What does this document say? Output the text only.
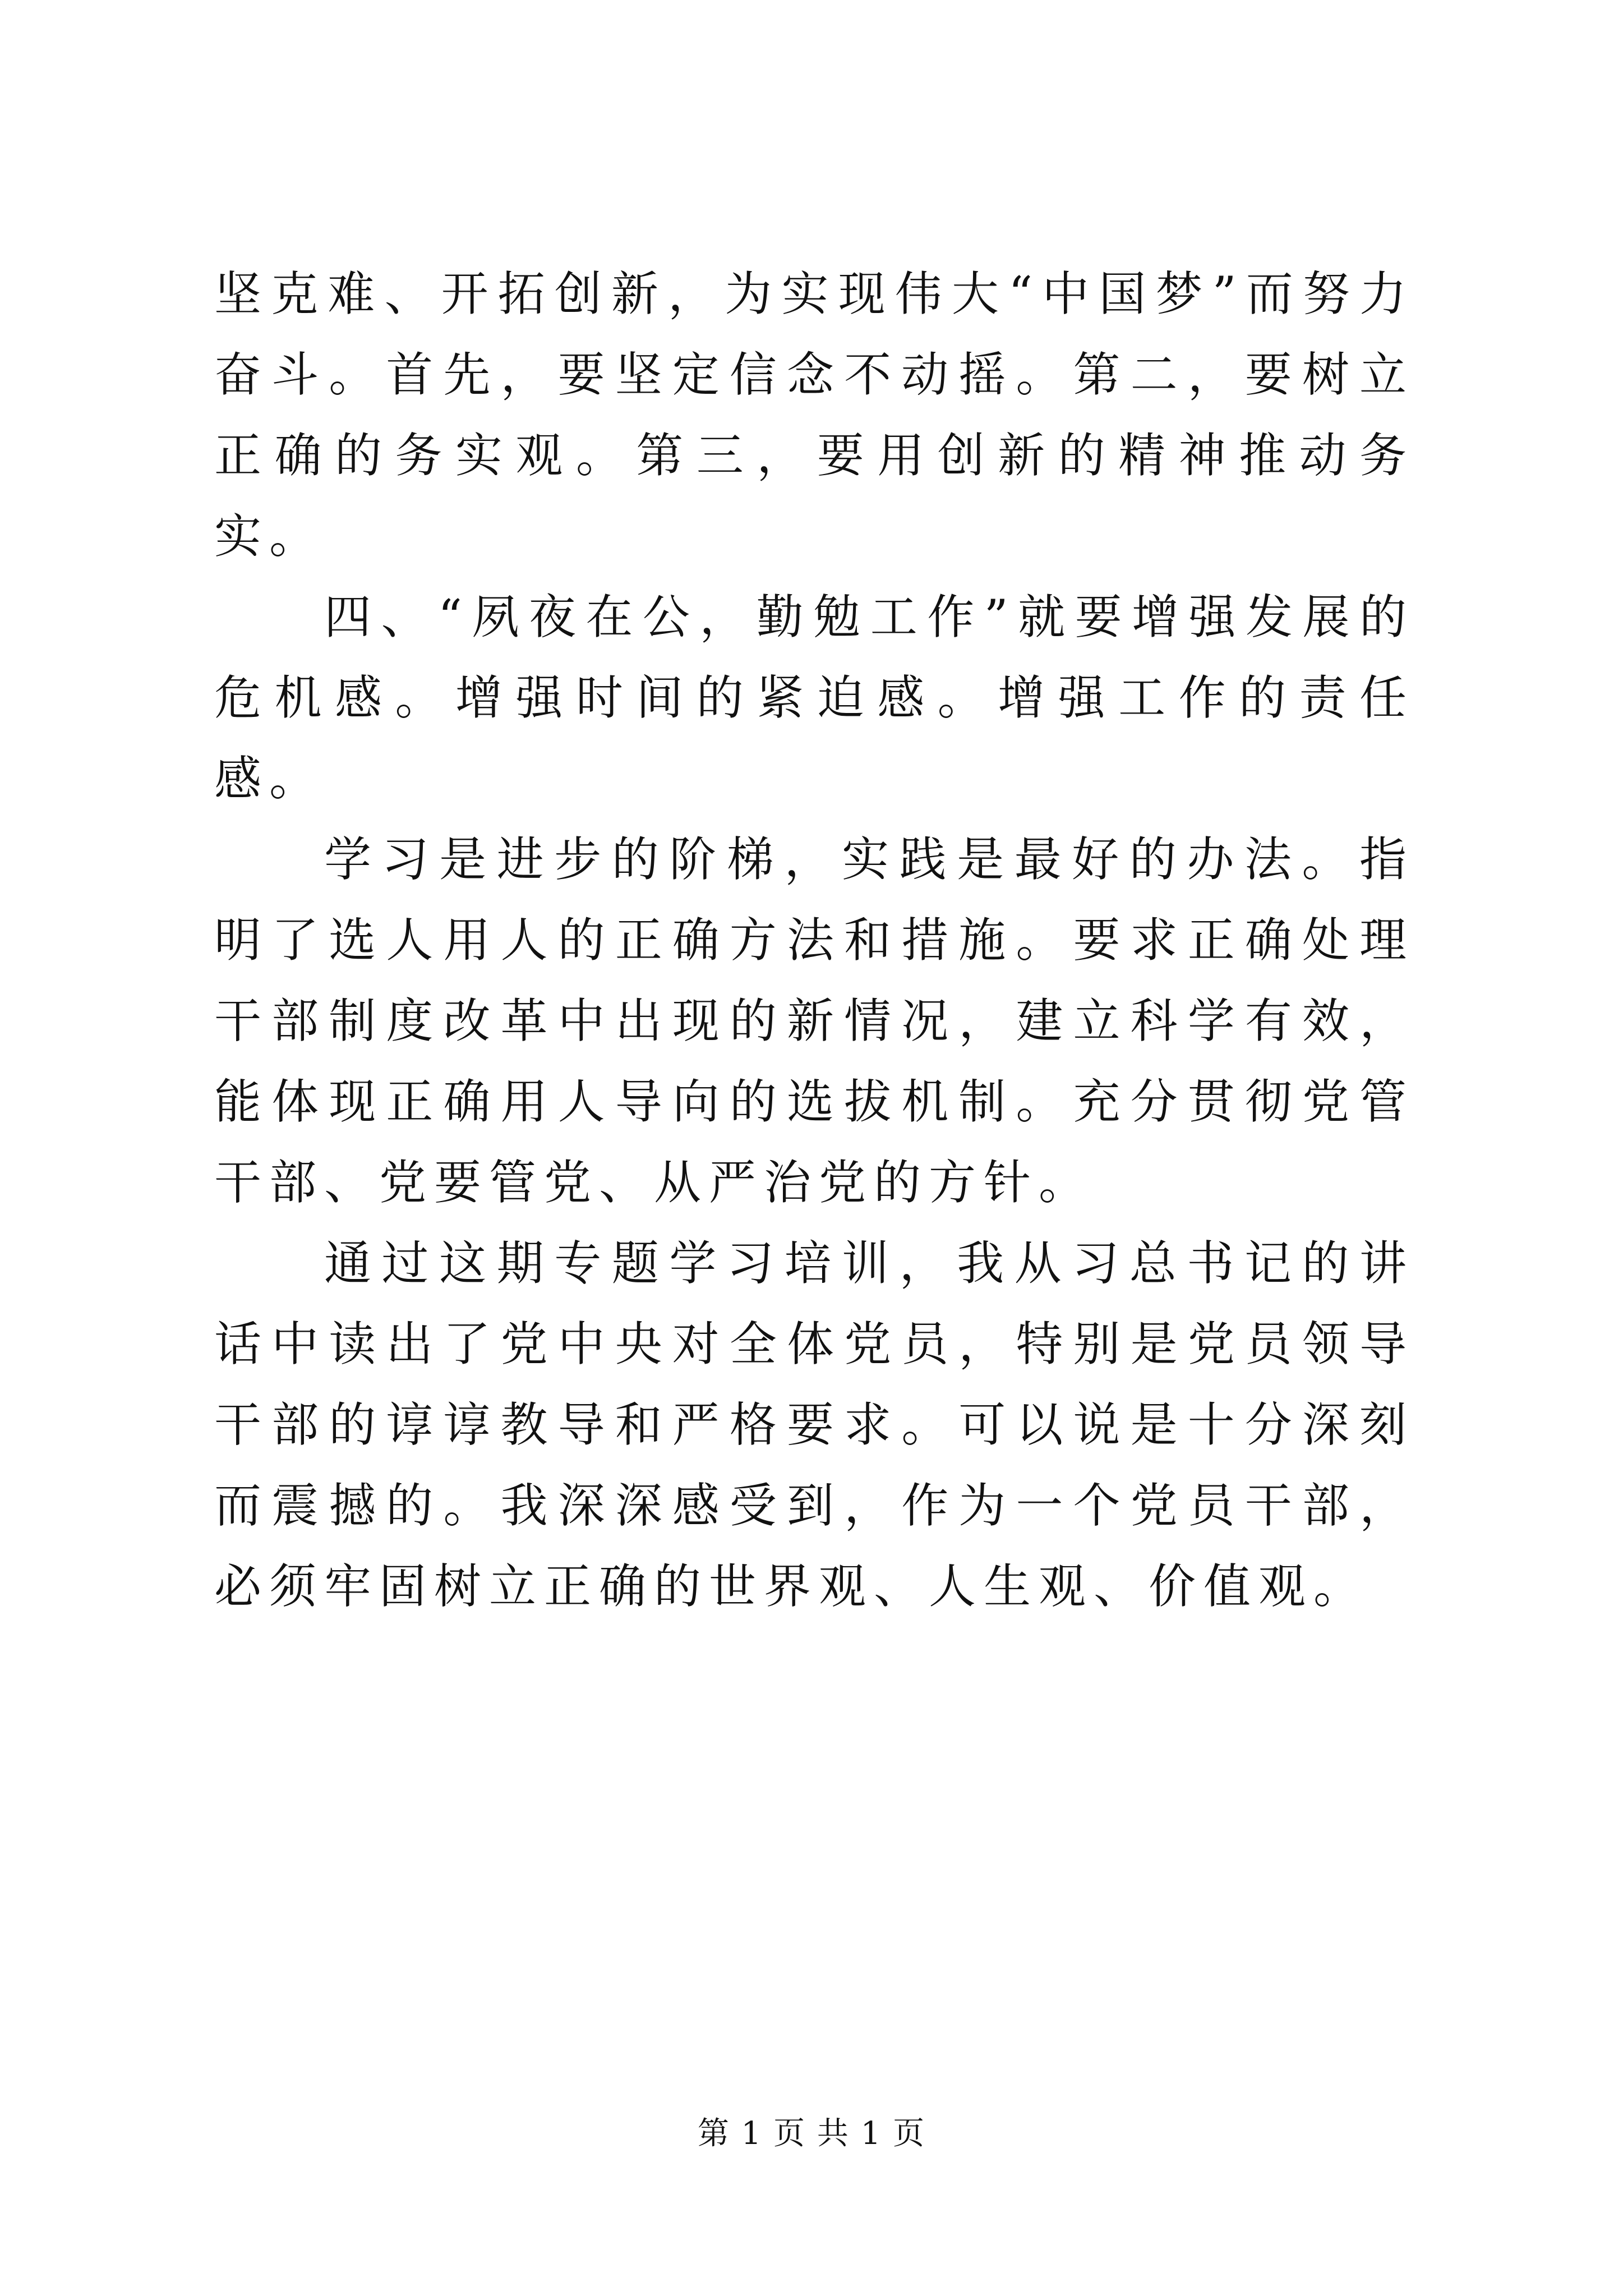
坚克难、开拓创新，为实现伟大“中国梦”而努力奋斗。首先，要坚定信念不动摇。第二，要树立正确的务实观。第三，要用创新的精神推动务实。

四、“夙夜在公，勤勉工作”就要增强发展的危机感。增强时间的紧迫感。增强工作的责任感。

学习是进步的阶梯，实践是最好的办法。指明了选人用人的正确方法和措施。要求正确处理干部制度改革中出现的新情况，建立科学有效，能体现正确用人导向的选拔机制。充分贯彻党管干部、党要管党、从严治党的方针。

通过这期专题学习培训，我从习总书记的讲话中读出了党中央对全体党员，特别是党员领导干部的谆谆教导和严格要求。可以说是十分深刻而震撼的。我深深感受到，作为一个党员干部，必须牢固树立正确的世界观、人生观、价值观。

第 1 页 共 1 页
